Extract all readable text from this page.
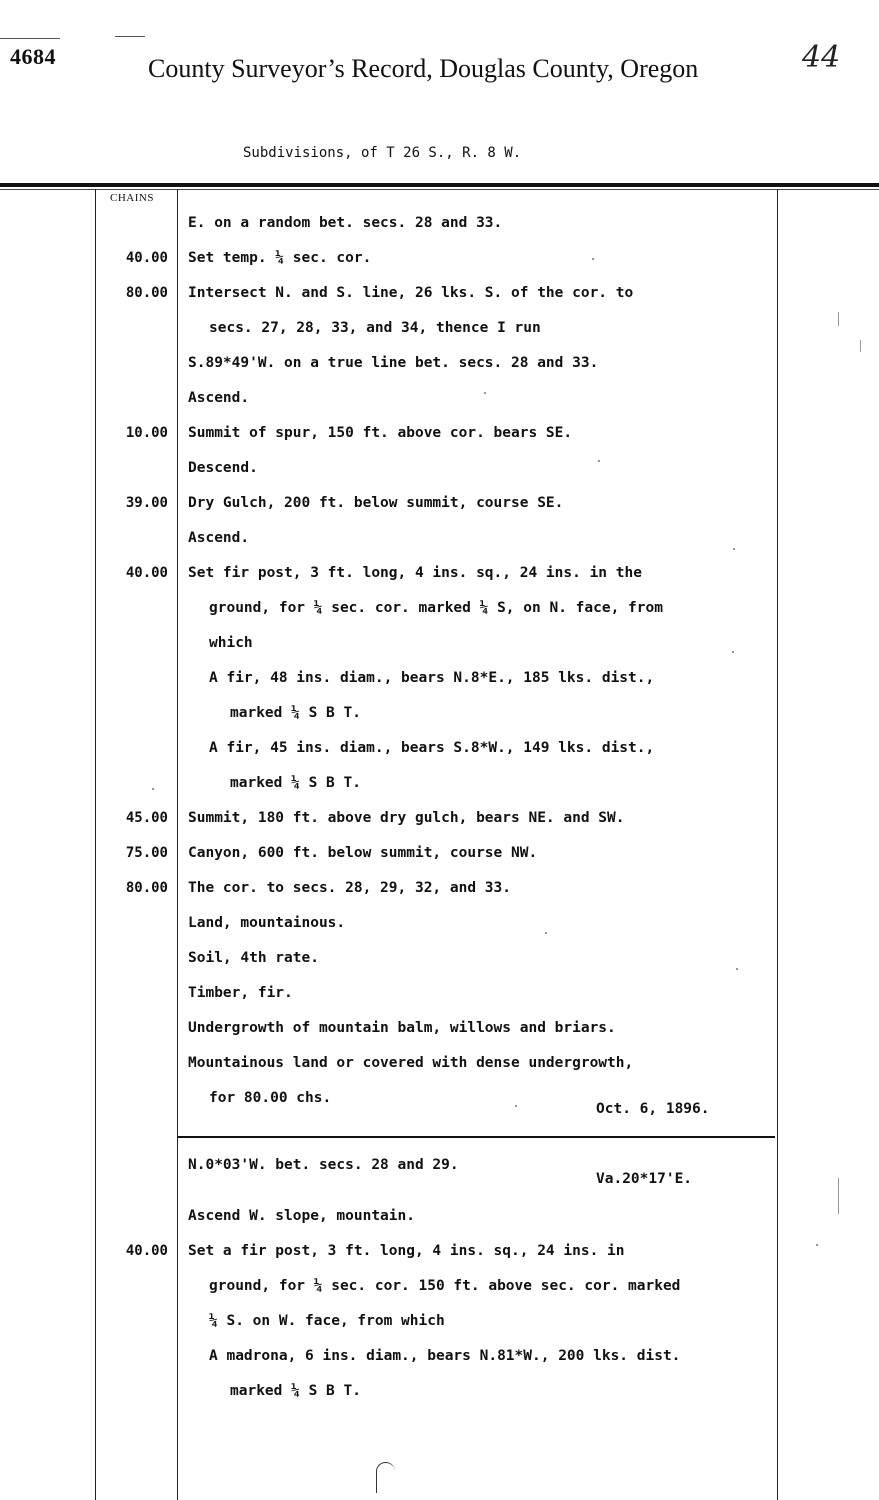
4684	County Surveyor’s Record, Douglas County, Oregon	44
Subdivisions, of T 26 S., R. 8 W.
CHAINS
E. on a random bet. secs. 28 and 33.
40.00 Set temp. ¼ sec. cor.
80.00 Intersect N. and S. line, 26 lks. S. of the cor. to
secs. 27, 28, 33, and 34, thence I run
S.89*49'W. on a true line bet. secs. 28 and 33.
Ascend.
10.00 Summit of spur, 150 ft. above cor. bears SE.
Descend.
39.00 Dry Gulch, 200 ft. below summit, course SE.
Ascend.
40.00 Set fir post, 3 ft. long, 4 ins. sq., 24 ins. in the
ground, for ¼ sec. cor. marked ¼ S, on N. face, from
which
A fir, 48 ins. diam., bears N.8*E., 185 lks. dist.,
marked ¼ S B T.
A fir, 45 ins. diam., bears S.8*W., 149 lks. dist.,
marked ¼ S B T.
45.00 Summit, 180 ft. above dry gulch, bears NE. and SW.
75.00 Canyon, 600 ft. below summit, course NW.
80.00 The cor. to secs. 28, 29, 32, and 33.
Land, mountainous.
Soil, 4th rate.
Timber, fir.
Undergrowth of mountain balm, willows and briars.
Mountainous land or covered with dense undergrowth,
for 80.00 chs.
Oct. 6, 1896.
N.0*03'W. bet. secs. 28 and 29.
Va.20*17'E.
Ascend W. slope, mountain.
40.00 Set a fir post, 3 ft. long, 4 ins. sq., 24 ins. in
ground, for ¼ sec. cor. 150 ft. above sec. cor. marked
¼ S. on W. face, from which
A madrona, 6 ins. diam., bears N.81*W., 200 lks. dist.
marked ¼ S B T.
